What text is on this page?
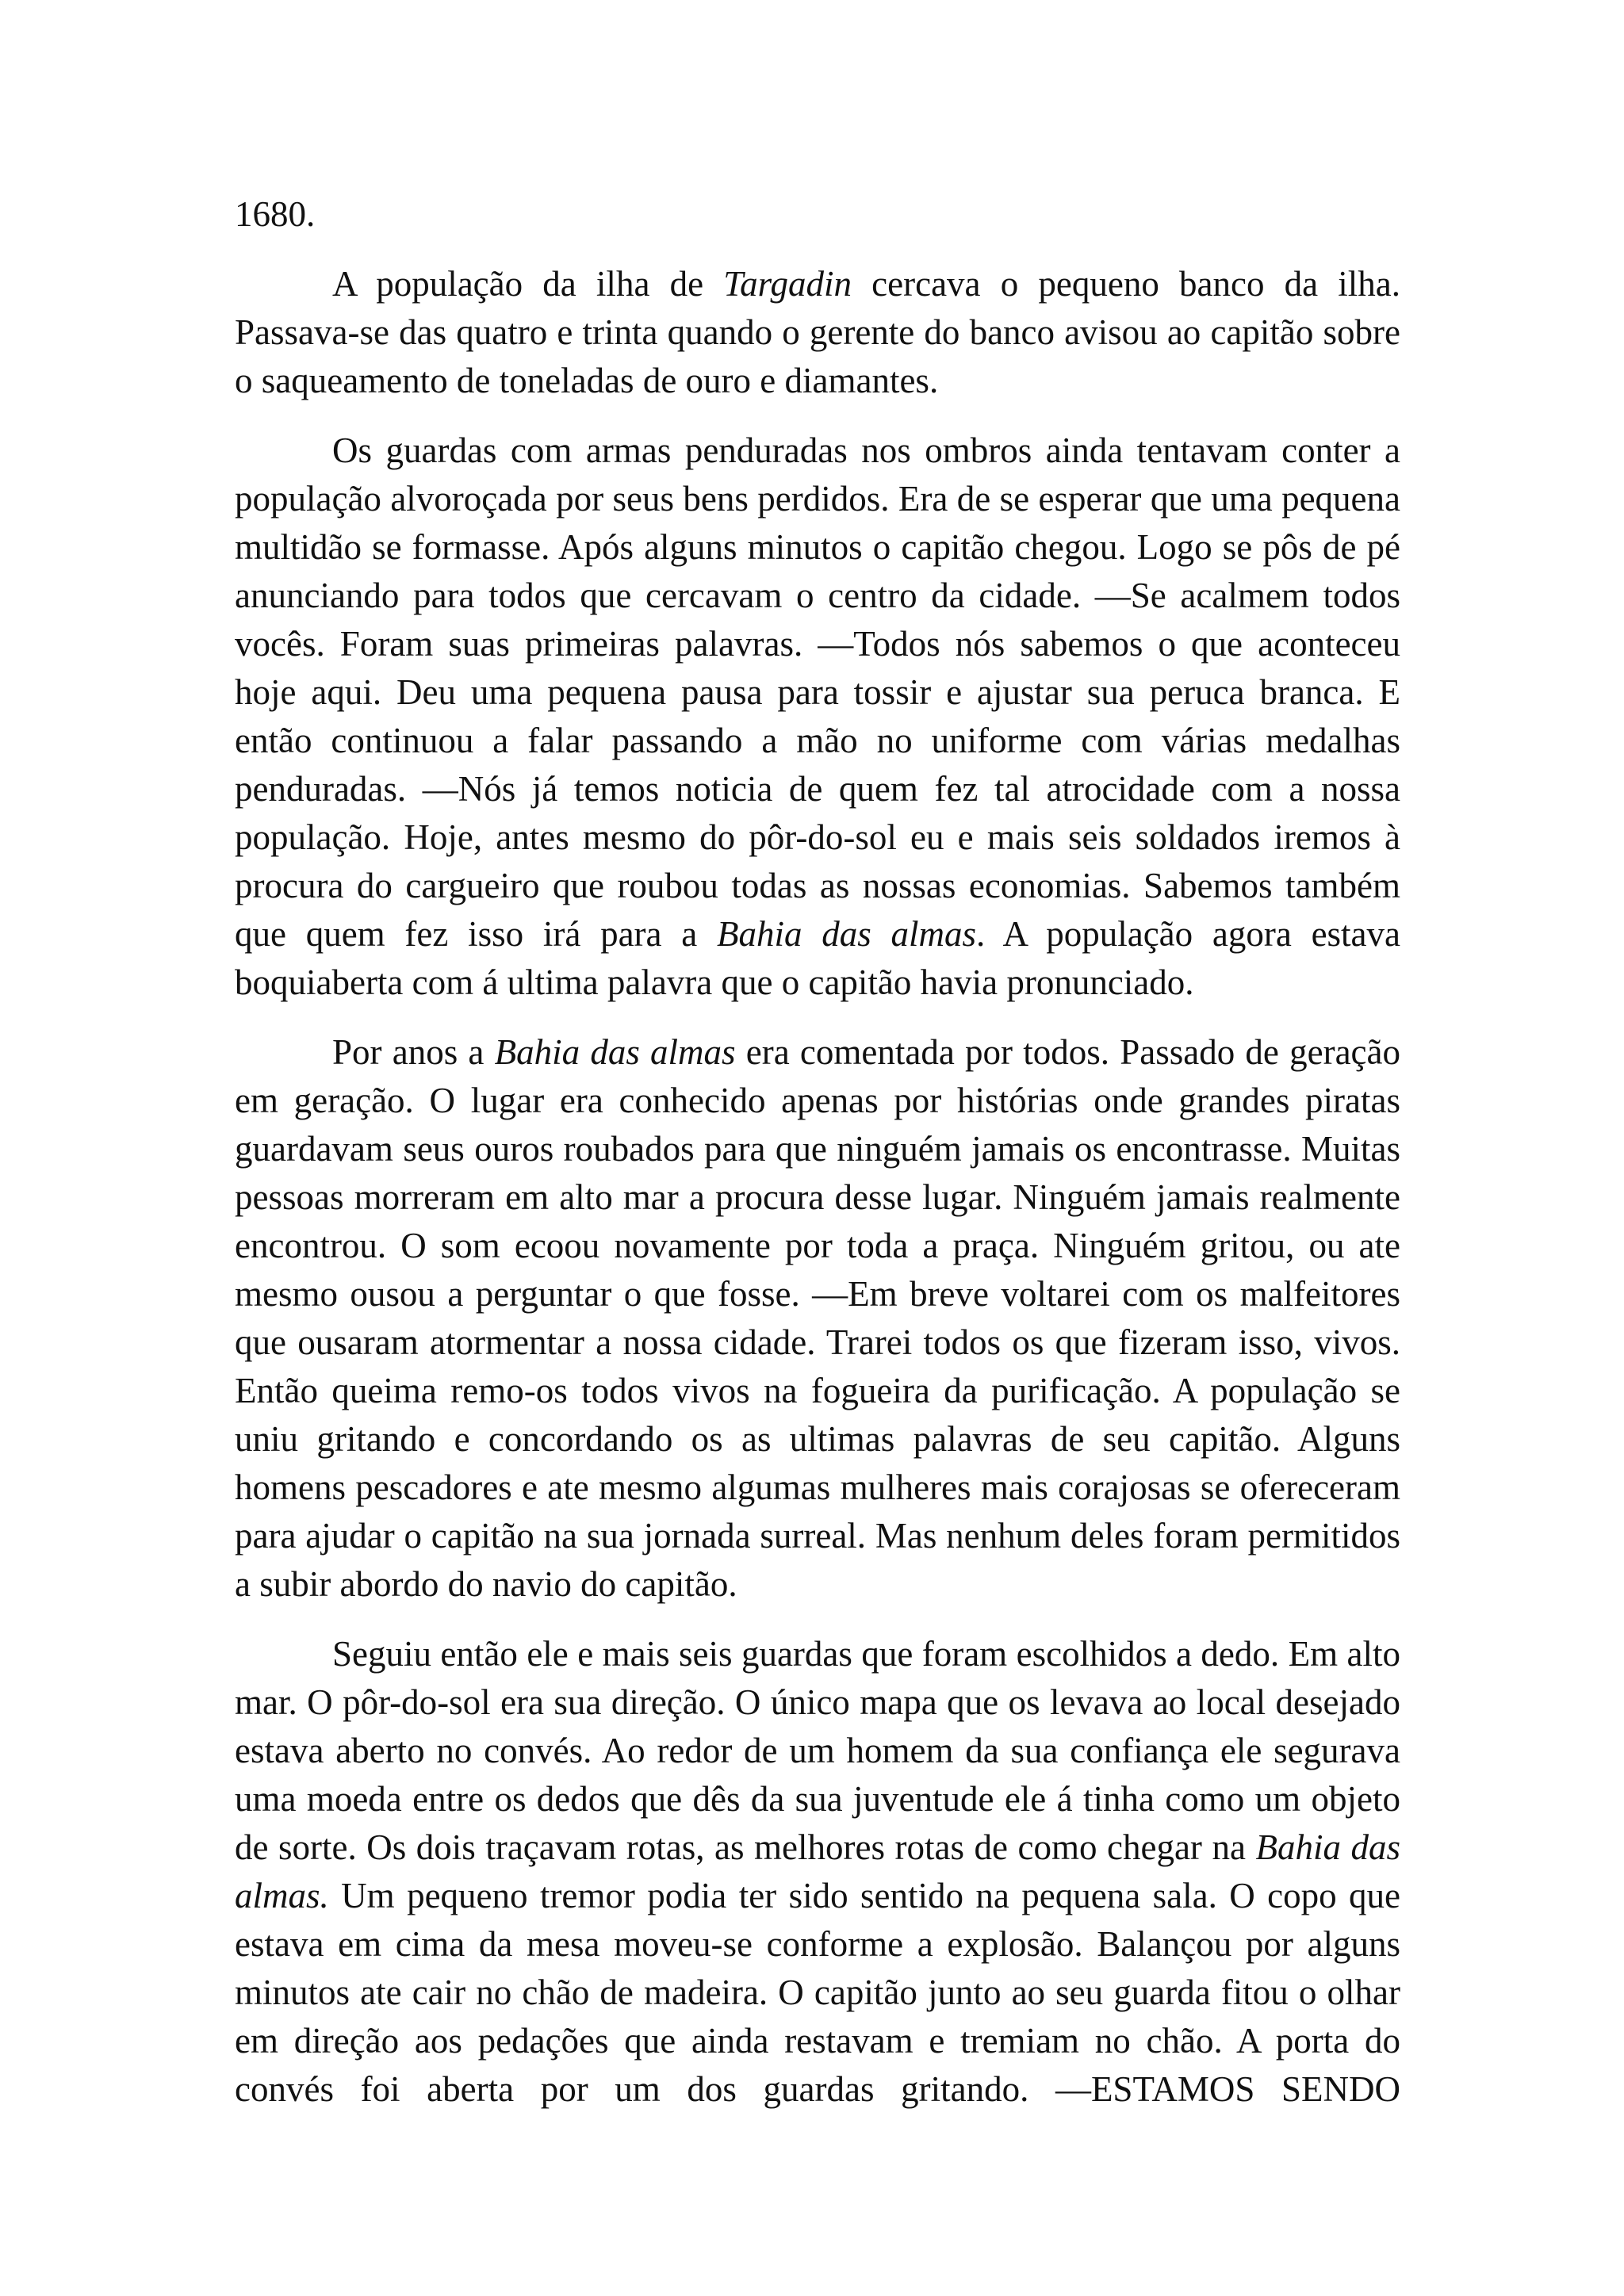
1680.

A população da ilha de Targadin cercava o pequeno banco da ilha. Passava-se das quatro e trinta quando o gerente do banco avisou ao capitão sobre o saqueamento de toneladas de ouro e diamantes.

Os guardas com armas penduradas nos ombros ainda tentavam conter a população alvoroçada por seus bens perdidos. Era de se esperar que uma pequena multidão se formasse. Após alguns minutos o capitão chegou. Logo se pôs de pé anunciando para todos que cercavam o centro da cidade. —Se acalmem todos vocês. Foram suas primeiras palavras. —Todos nós sabemos o que aconteceu hoje aqui. Deu uma pequena pausa para tossir e ajustar sua peruca branca. E então continuou a falar passando a mão no uniforme com várias medalhas penduradas. —Nós já temos noticia de quem fez tal atrocidade com a nossa população. Hoje, antes mesmo do pôr-do-sol eu e mais seis soldados iremos à procura do cargueiro que roubou todas as nossas economias. Sabemos também que quem fez isso irá para a Bahia das almas. A população agora estava boquiaberta com á ultima palavra que o capitão havia pronunciado.

Por anos a Bahia das almas era comentada por todos. Passado de geração em geração. O lugar era conhecido apenas por histórias onde grandes piratas guardavam seus ouros roubados para que ninguém jamais os encontrasse. Muitas pessoas morreram em alto mar a procura desse lugar. Ninguém jamais realmente encontrou. O som ecoou novamente por toda a praça. Ninguém gritou, ou ate mesmo ousou a perguntar o que fosse. —Em breve voltarei com os malfeitores que ousaram atormentar a nossa cidade. Trarei todos os que fizeram isso, vivos. Então queima remo-os todos vivos na fogueira da purificação. A população se uniu gritando e concordando os as ultimas palavras de seu capitão. Alguns homens pescadores e ate mesmo algumas mulheres mais corajosas se ofereceram para ajudar o capitão na sua jornada surreal. Mas nenhum deles foram permitidos a subir abordo do navio do capitão.

Seguiu então ele e mais seis guardas que foram escolhidos a dedo. Em alto mar. O pôr-do-sol era sua direção. O único mapa que os levava ao local desejado estava aberto no convés. Ao redor de um homem da sua confiança ele segurava uma moeda entre os dedos que dês da sua juventude ele á tinha como um objeto de sorte. Os dois traçavam rotas, as melhores rotas de como chegar na Bahia das almas. Um pequeno tremor podia ter sido sentido na pequena sala. O copo que estava em cima da mesa moveu-se conforme a explosão. Balançou por alguns minutos ate cair no chão de madeira. O capitão junto ao seu guarda fitou o olhar em direção aos pedações que ainda restavam e tremiam no chão. A porta do convés foi aberta por um dos guardas gritando. —ESTAMOS SENDO
